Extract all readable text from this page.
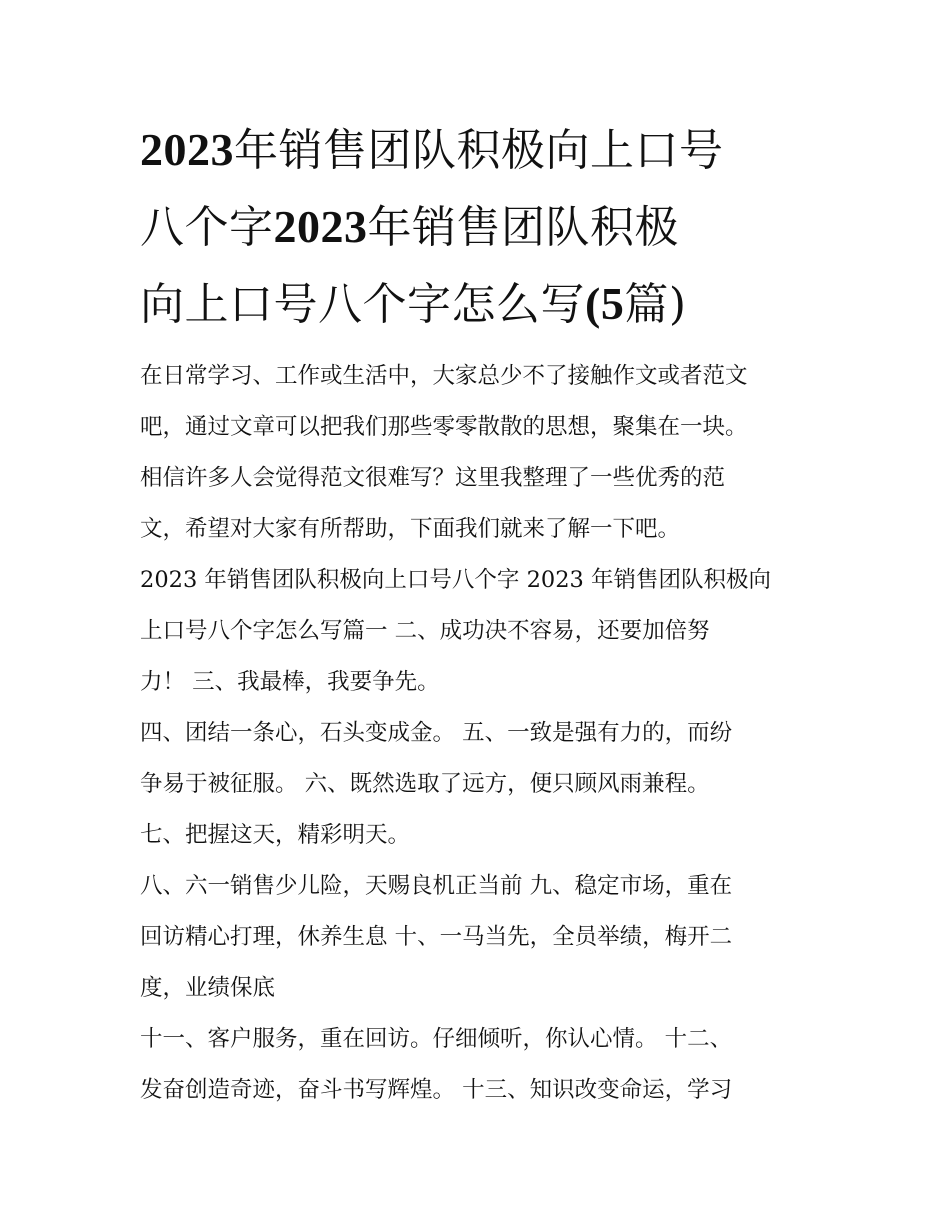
2023年销售团队积极向上口号
八个字2023年销售团队积极
向上口号八个字怎么写(5篇)

在日常学习、工作或生活中，大家总少不了接触作文或者范文
吧，通过文章可以把我们那些零零散散的思想，聚集在一块。
相信许多人会觉得范文很难写？这里我整理了一些优秀的范
文，希望对大家有所帮助，下面我们就来了解一下吧。

2023 年销售团队积极向上口号八个字 2023 年销售团队积极向
上口号八个字怎么写篇一 二、成功决不容易，还要加倍努
力！ 三、我最棒，我要争先。

四、团结一条心，石头变成金。 五、一致是强有力的，而纷
争易于被征服。 六、既然选取了远方，便只顾风雨兼程。

七、把握这天，精彩明天。

八、六一销售少儿险，天赐良机正当前 九、稳定市场，重在
回访精心打理，休养生息 十、一马当先，全员举绩，梅开二
度，业绩保底

十一、客户服务，重在回访。仔细倾听，你认心情。 十二、
发奋创造奇迹，奋斗书写辉煌。 十三、知识改变命运，学习
